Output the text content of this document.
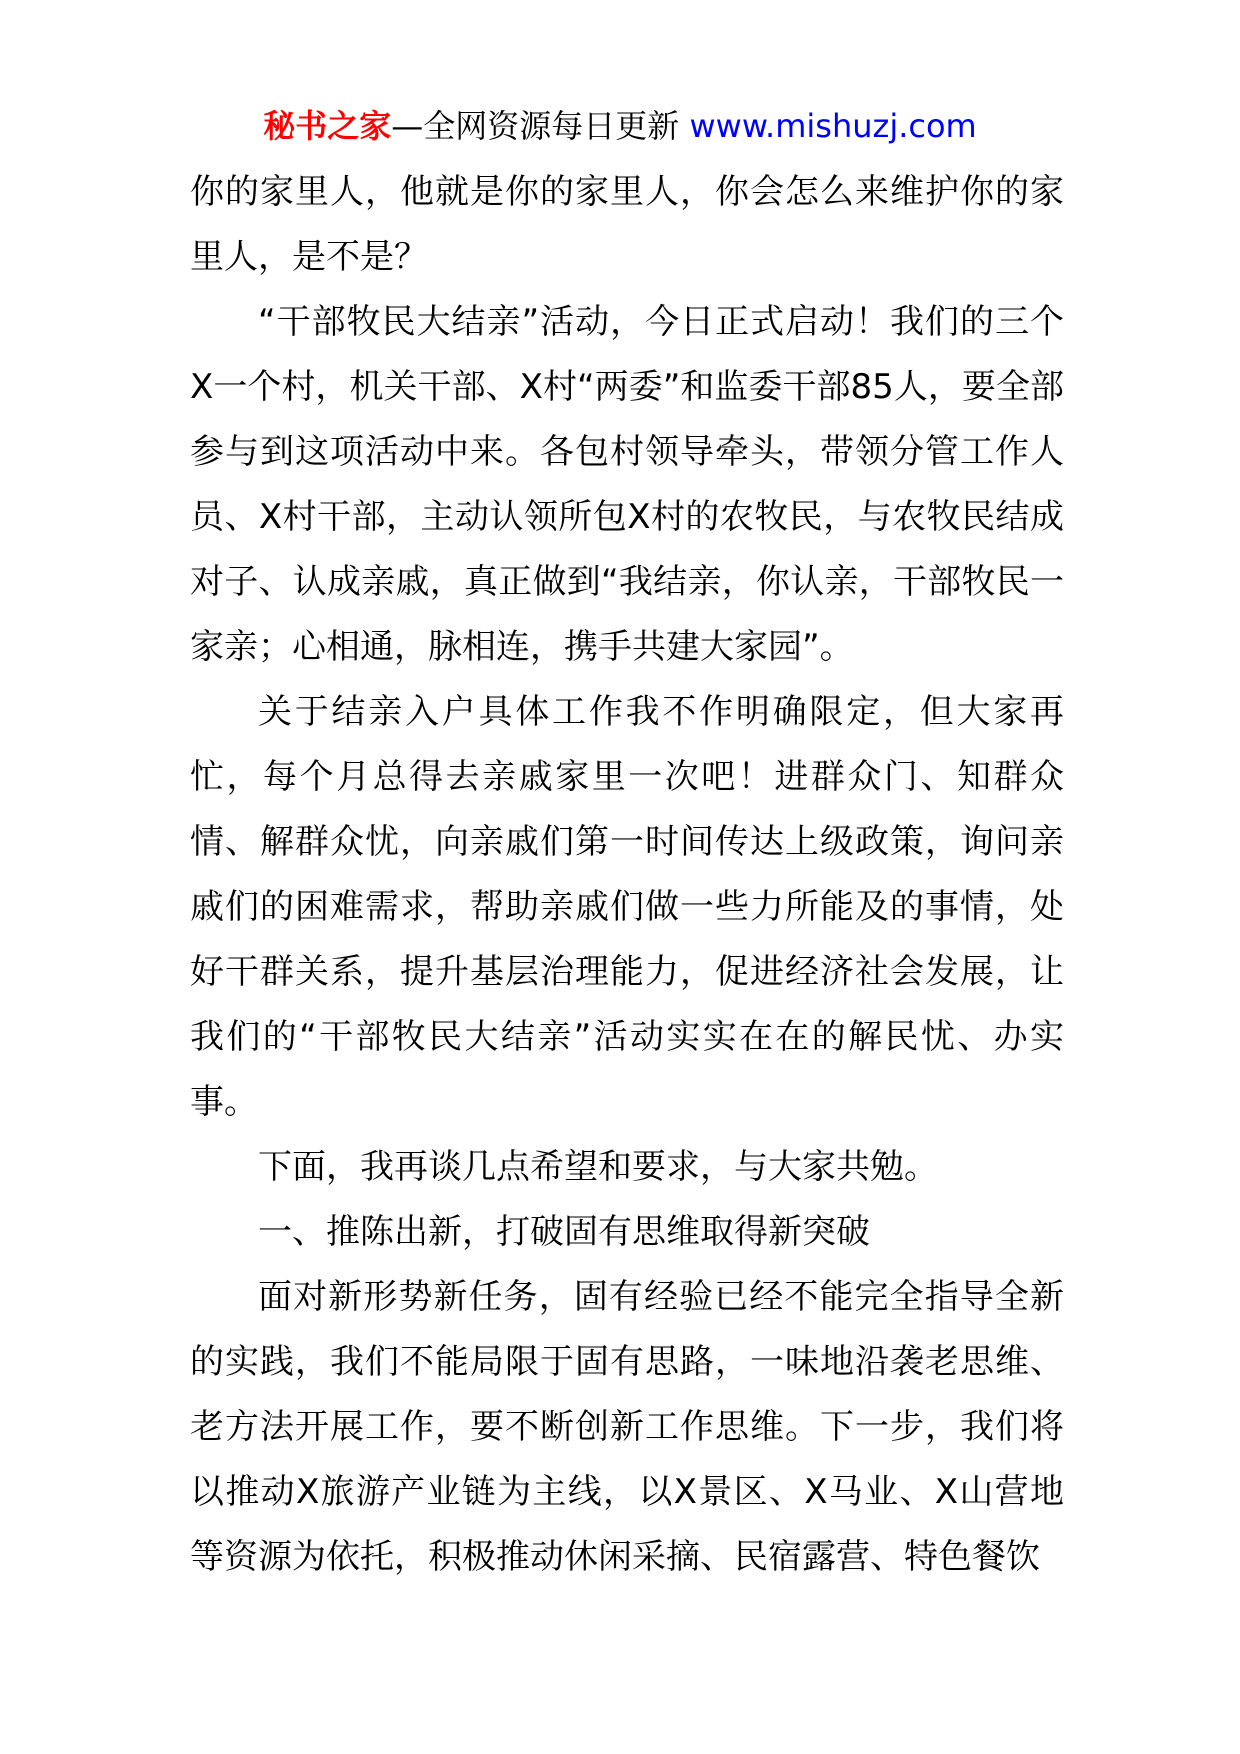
秘书之家—全网资源每日更新 www.mishuzj.com

你的家里人，他就是你的家里人，你会怎么来维护你的家里人，是不是？

“干部牧民大结亲”活动，今日正式启动！我们的三个X一个村，机关干部、X村“两委”和监委干部85人，要全部参与到这项活动中来。各包村领导牵头，带领分管工作人员、X村干部，主动认领所包X村的农牧民，与农牧民结成对子、认成亲戚，真正做到“我结亲，你认亲，干部牧民一家亲；心相通，脉相连，携手共建大家园”。

关于结亲入户具体工作我不作明确限定，但大家再忙，每个月总得去亲戚家里一次吧！进群众门、知群众情、解群众忧，向亲戚们第一时间传达上级政策，询问亲戚们的困难需求，帮助亲戚们做一些力所能及的事情，处好干群关系，提升基层治理能力，促进经济社会发展，让我们的“干部牧民大结亲”活动实实在在的解民忧、办实事。

下面，我再谈几点希望和要求，与大家共勉。

一、推陈出新，打破固有思维取得新突破

面对新形势新任务，固有经验已经不能完全指导全新的实践，我们不能局限于固有思路，一味地沿袭老思维、老方法开展工作，要不断创新工作思维。下一步，我们将以推动X旅游产业链为主线，以X景区、X马业、X山营地等资源为依托，积极推动休闲采摘、民宿露营、特色餐饮
